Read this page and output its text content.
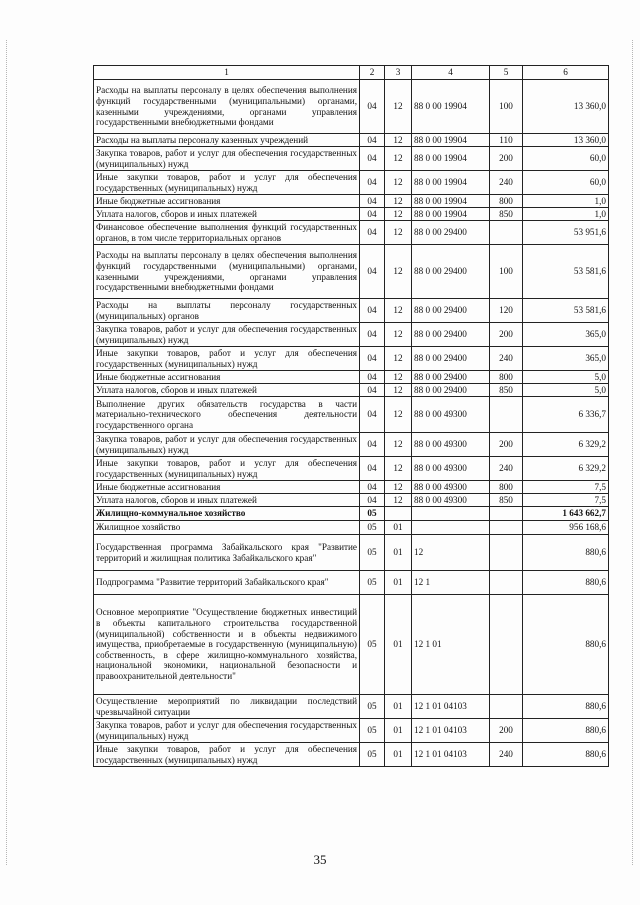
1	2	3	4	5	6
Расходы на выплаты персоналу в целях обеспечения выполнения функций государственными (муниципальными) органами, казенными учреждениями, органами управления государственными внебюджетными фондами	04	12	88 0 00 19904	100	13 360,0
Расходы на выплаты персоналу казенных учреждений	04	12	88 0 00 19904	110	13 360,0
Закупка товаров, работ и услуг для обеспечения государственных (муниципальных) нужд	04	12	88 0 00 19904	200	60,0
Иные закупки товаров, работ и услуг для обеспечения государственных (муниципальных) нужд	04	12	88 0 00 19904	240	60,0
Иные бюджетные ассигнования	04	12	88 0 00 19904	800	1,0
Уплата налогов, сборов и иных платежей	04	12	88 0 00 19904	850	1,0
Финансовое обеспечение выполнения функций государственных органов, в том числе территориальных органов	04	12	88 0 00 29400		53 951,6
Расходы на выплаты персоналу в целях обеспечения выполнения функций государственными (муниципальными) органами, казенными учреждениями, органами управления государственными внебюджетными фондами	04	12	88 0 00 29400	100	53 581,6
Расходы на выплаты персоналу государственных (муниципальных) органов	04	12	88 0 00 29400	120	53 581,6
Закупка товаров, работ и услуг для обеспечения государственных (муниципальных) нужд	04	12	88 0 00 29400	200	365,0
Иные закупки товаров, работ и услуг для обеспечения государственных (муниципальных) нужд	04	12	88 0 00 29400	240	365,0
Иные бюджетные ассигнования	04	12	88 0 00 29400	800	5,0
Уплата налогов, сборов и иных платежей	04	12	88 0 00 29400	850	5,0
Выполнение других обязательств государства в части материально-технического обеспечения деятельности государственного органа	04	12	88 0 00 49300		6 336,7
Закупка товаров, работ и услуг для обеспечения государственных (муниципальных) нужд	04	12	88 0 00 49300	200	6 329,2
Иные закупки товаров, работ и услуг для обеспечения государственных (муниципальных) нужд	04	12	88 0 00 49300	240	6 329,2
Иные бюджетные ассигнования	04	12	88 0 00 49300	800	7,5
Уплата налогов, сборов и иных платежей	04	12	88 0 00 49300	850	7,5
Жилищно-коммунальное хозяйство	05				1 643 662,7
Жилищное хозяйство	05	01			956 168,6
Государственная программа Забайкальского края "Развитие территорий и жилищная политика Забайкальского края"	05	01	12		880,6
Подпрограмма "Развитие территорий Забайкальского края"	05	01	12 1		880,6
Основное мероприятие "Осуществление бюджетных инвестиций в объекты капитального строительства государственной (муниципальной) собственности и в объекты недвижимого имущества, приобретаемые в государственную (муниципальную) собственность, в сфере жилищно-коммунального хозяйства, национальной экономики, национальной безопасности и правоохранительной деятельности"	05	01	12 1 01		880,6
Осуществление мероприятий по ликвидации последствий чрезвычайной ситуации	05	01	12 1 01 04103		880,6
Закупка товаров, работ и услуг для обеспечения государственных (муниципальных) нужд	05	01	12 1 01 04103	200	880,6
Иные закупки товаров, работ и услуг для обеспечения государственных (муниципальных) нужд	05	01	12 1 01 04103	240	880,6
35
